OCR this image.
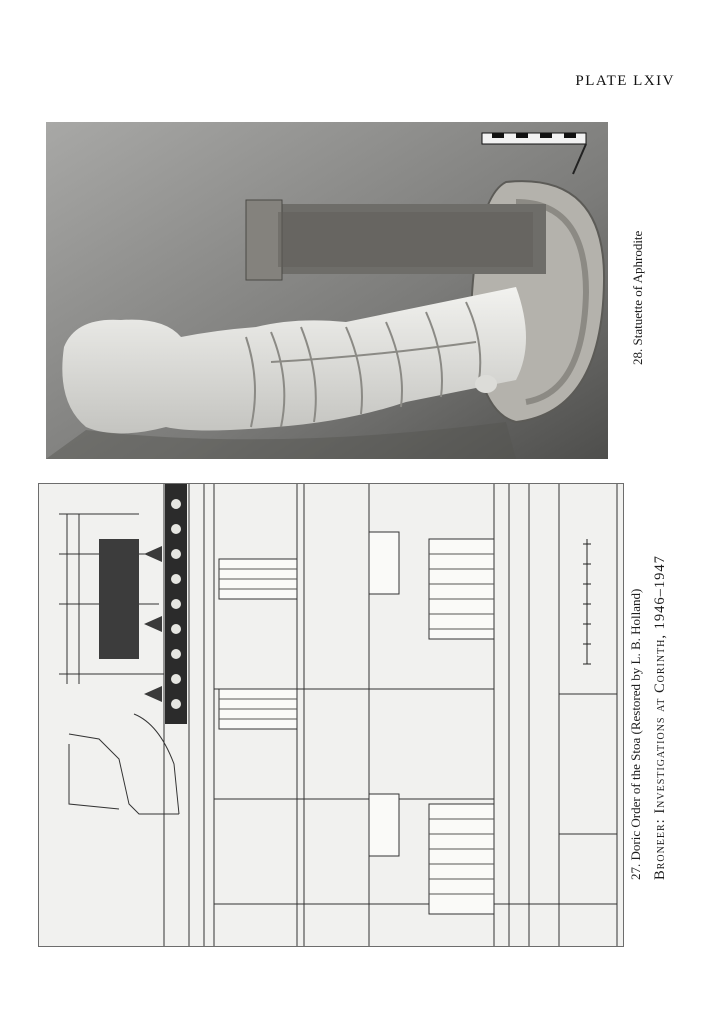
PLATE LXIV
28. Statuette of Aphrodite
27. Doric Order of the Stoa (Restored by L. B. Holland) Broneer: Investigations at Corinth, 1946–1947
